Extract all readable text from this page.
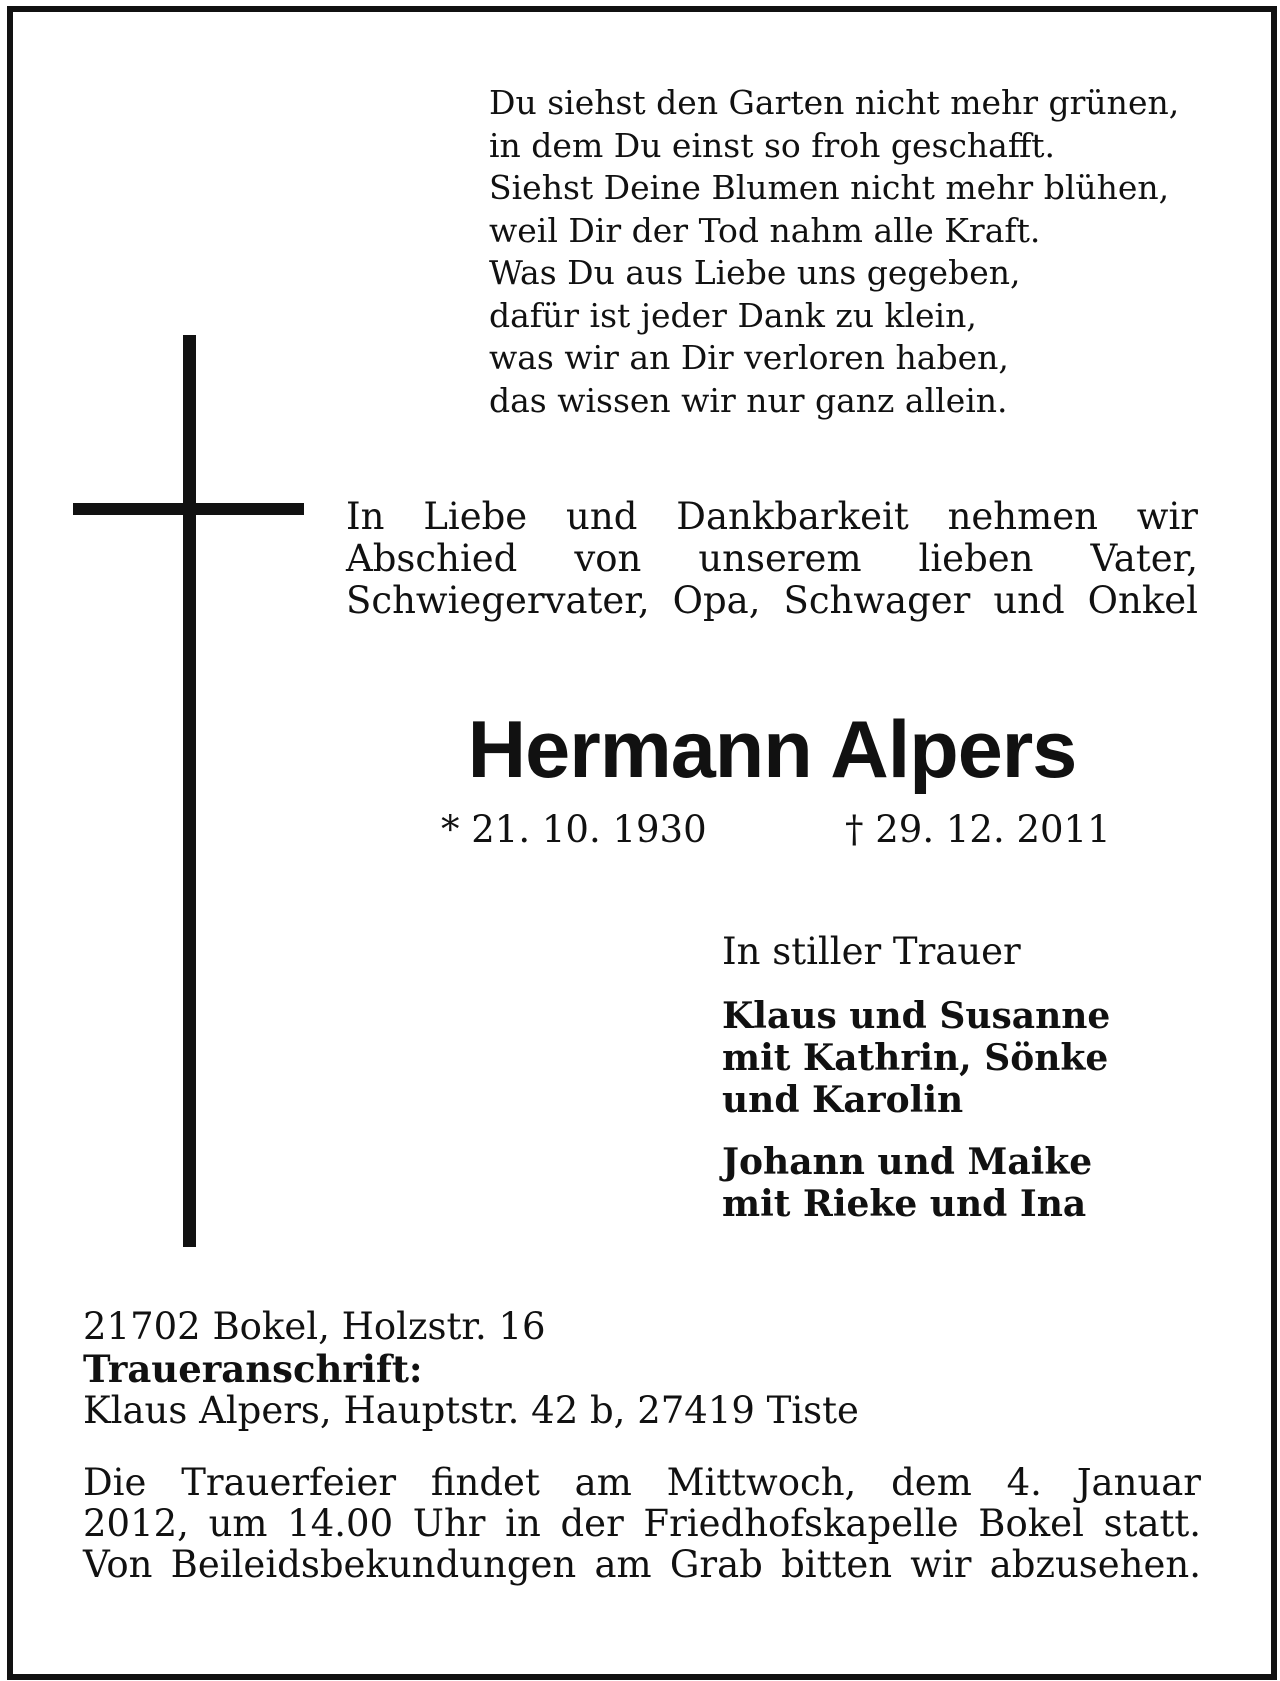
Du siehst den Garten nicht mehr grünen,
in dem Du einst so froh geschafft.
Siehst Deine Blumen nicht mehr blühen,
weil Dir der Tod nahm alle Kraft.
Was Du aus Liebe uns gegeben,
dafür ist jeder Dank zu klein,
was wir an Dir verloren haben,
das wissen wir nur ganz allein.
In Liebe und Dankbarkeit nehmen wir
Abschied von unserem lieben Vater,
Schwiegervater, Opa, Schwager und Onkel
Hermann Alpers
* 21. 10. 1930	† 29. 12. 2011
In stiller Trauer
Klaus und Susanne
mit Kathrin, Sönke
und Karolin
Johann und Maike
mit Rieke und Ina
21702 Bokel, Holzstr. 16
Traueranschrift:
Klaus Alpers, Hauptstr. 42 b, 27419 Tiste
Die Trauerfeier findet am Mittwoch, dem 4. Januar
2012, um 14.00 Uhr in der Friedhofskapelle Bokel statt.
Von Beileidsbekundungen am Grab bitten wir abzusehen.
